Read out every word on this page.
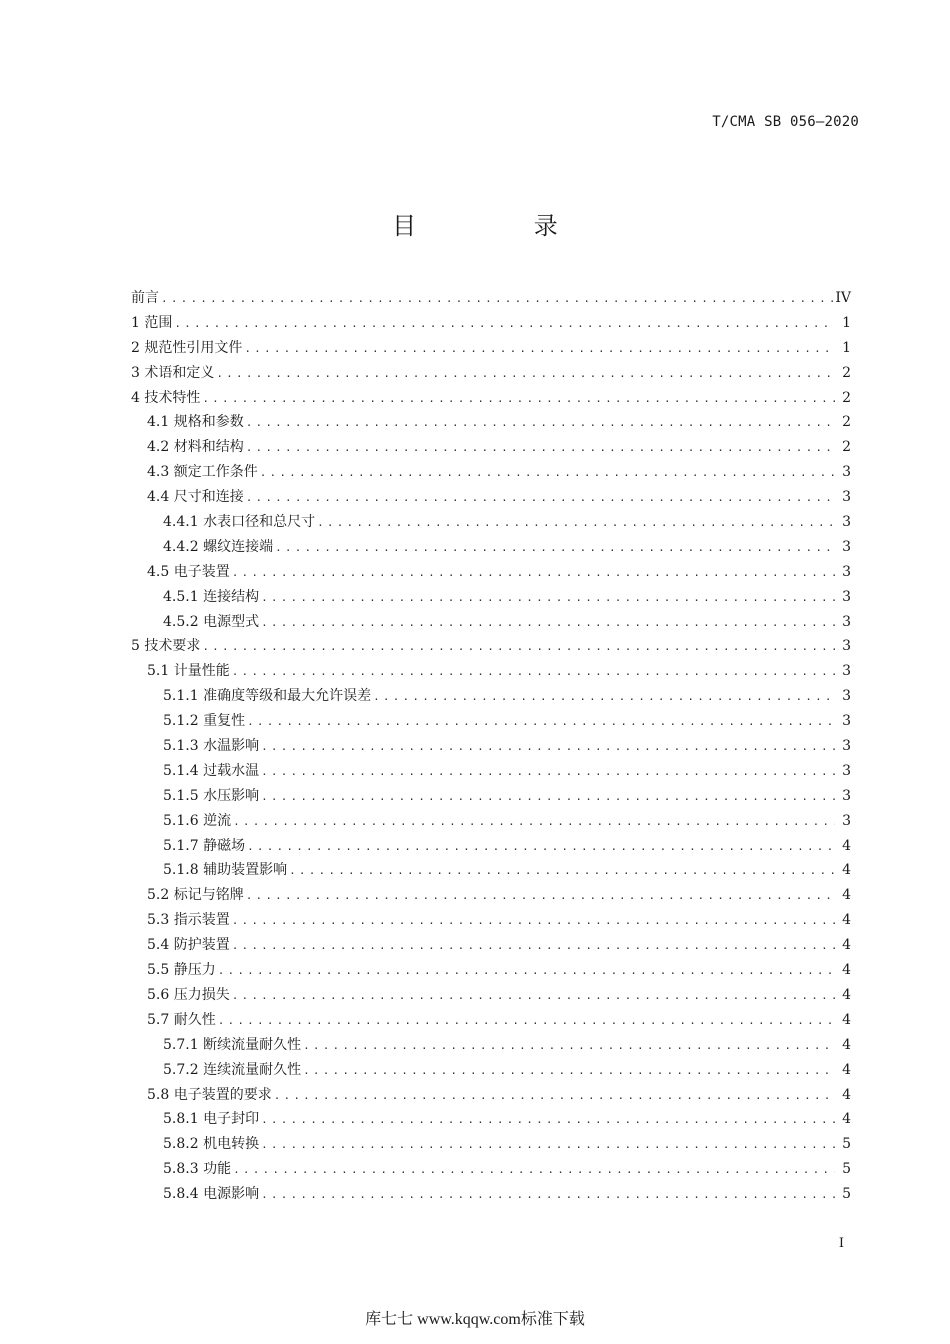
T/CMA SB 056—2020
目 录
前言 .....	IV
1 范围 .....	1
2 规范性引用文件 .....	1
3 术语和定义 .....	2
4 技术特性 .....	2
4.1 规格和参数 .....	2
4.2 材料和结构 .....	2
4.3 额定工作条件 .....	3
4.4 尺寸和连接 .....	3
4.4.1 水表口径和总尺寸 .....	3
4.4.2 螺纹连接端 .....	3
4.5 电子装置 .....	3
4.5.1 连接结构 .....	3
4.5.2 电源型式 .....	3
5 技术要求 .....	3
5.1 计量性能 .....	3
5.1.1 准确度等级和最大允许误差 .....	3
5.1.2 重复性 .....	3
5.1.3 水温影响 .....	3
5.1.4 过载水温 .....	3
5.1.5 水压影响 .....	3
5.1.6 逆流 .....	3
5.1.7 静磁场 .....	4
5.1.8 辅助装置影响 .....	4
5.2 标记与铭牌 .....	4
5.3 指示装置 .....	4
5.4 防护装置 .....	4
5.5 静压力 .....	4
5.6 压力损失 .....	4
5.7 耐久性 .....	4
5.7.1 断续流量耐久性 .....	4
5.7.2 连续流量耐久性 .....	4
5.8 电子装置的要求 .....	4
5.8.1 电子封印 .....	4
5.8.2 机电转换 .....	5
5.8.3 功能 .....	5
5.8.4 电源影响 .....	5
I
库七七 www.kqqw.com标准下载
